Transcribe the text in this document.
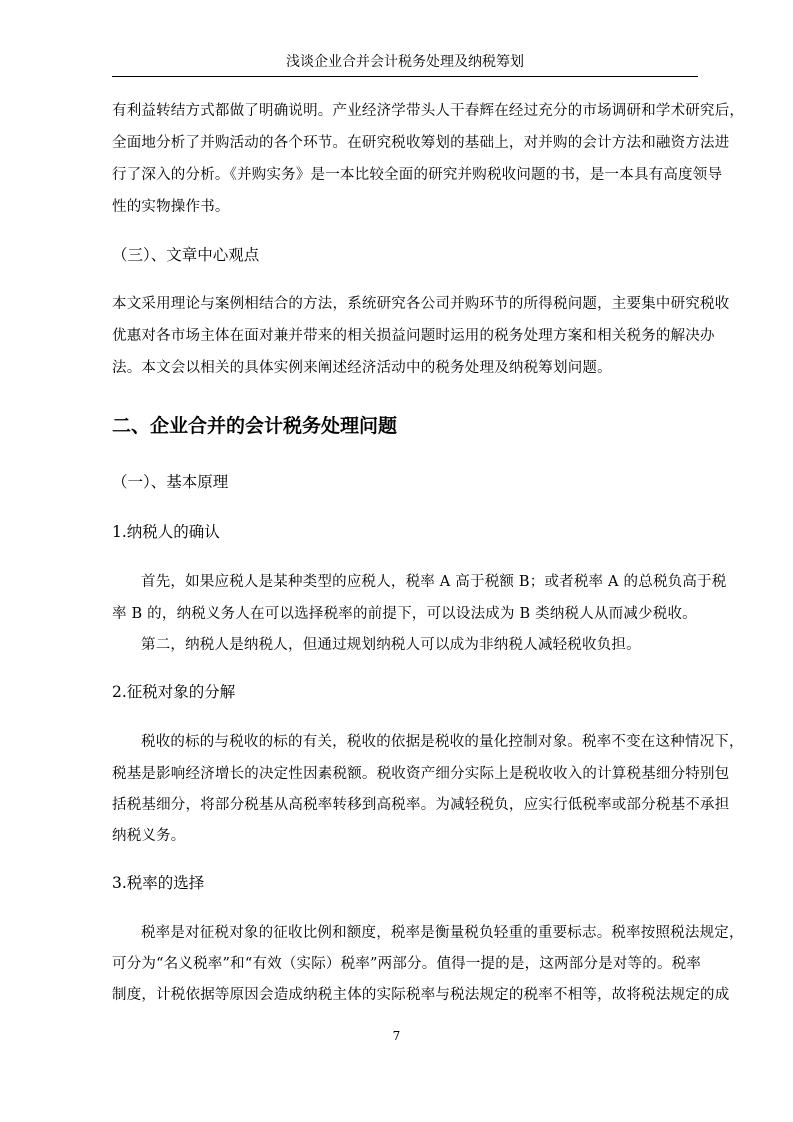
浅谈企业合并会计税务处理及纳税筹划
有利益转结方式都做了明确说明。产业经济学带头人干春辉在经过充分的市场调研和学术研究后，
全面地分析了并购活动的各个环节。在研究税收筹划的基础上，对并购的会计方法和融资方法进
行了深入的分析。《并购实务》是一本比较全面的研究并购税收问题的书，是一本具有高度领导
性的实物操作书。
（三）、文章中心观点
本文采用理论与案例相结合的方法，系统研究各公司并购环节的所得税问题，主要集中研究税收
优惠对各市场主体在面对兼并带来的相关损益问题时运用的税务处理方案和相关税务的解决办
法。本文会以相关的具体实例来阐述经济活动中的税务处理及纳税筹划问题。
二、企业合并的会计税务处理问题
（一）、基本原理
1.纳税人的确认
首先，如果应税人是某种类型的应税人，税率 A 高于税额 B；或者税率 A 的总税负高于税
率 B 的，纳税义务人在可以选择税率的前提下，可以设法成为 B 类纳税人从而减少税收。
第二，纳税人是纳税人，但通过规划纳税人可以成为非纳税人减轻税收负担。
2.征税对象的分解
税收的标的与税收的标的有关，税收的依据是税收的量化控制对象。税率不变在这种情况下，
税基是影响经济增长的决定性因素税额。税收资产细分实际上是税收收入的计算税基细分特别包
括税基细分，将部分税基从高税率转移到高税率。为减轻税负，应实行低税率或部分税基不承担
纳税义务。
3.税率的选择
税率是对征税对象的征收比例和额度，税率是衡量税负轻重的重要标志。税率按照税法规定，
可分为“名义税率”和“有效（实际）税率”两部分。值得一提的是，这两部分是对等的。税率
制度，计税依据等原因会造成纳税主体的实际税率与税法规定的税率不相等，故将税法规定的成
7
